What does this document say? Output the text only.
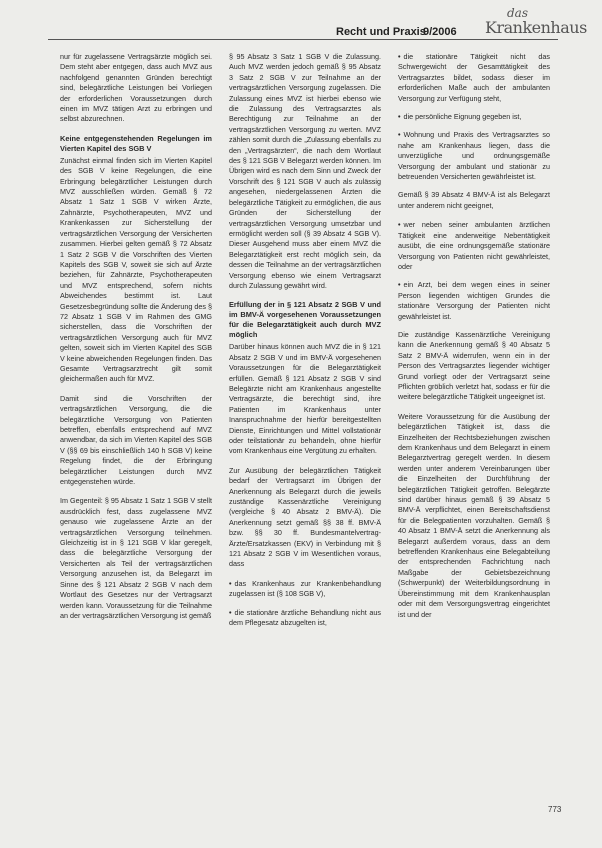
Recht und Praxis
9/2006
das
Krankenhaus

nur für zugelassene Vertragsärzte möglich sei. Dem steht aber entgegen, dass auch MVZ aus nachfolgend genannten Gründen berechtigt sind, belegärztliche Leistungen bei Vorliegen der erforderlichen Voraussetzungen durch einen im MVZ tätigen Arzt zu erbringen und selbst abzurechnen.

Keine entgegenstehenden Regelungen im Vierten Kapitel des SGB V

Zunächst einmal finden sich im Vierten Kapitel des SGB V keine Regelungen, die eine Erbringung belegärztlicher Leistungen durch MVZ ausschließen würden. Gemäß § 72 Absatz 1 Satz 1 SGB V wirken Ärzte, Zahnärzte, Psychotherapeuten, MVZ und Krankenkassen zur Sicherstellung der vertragsärztlichen Versorgung der Versicherten zusammen. Hierbei gelten gemäß § 72 Absatz 1 Satz 2 SGB V die Vorschriften des Vierten Kapitels des SGB V, soweit sie sich auf Ärzte beziehen, für Zahnärzte, Psychotherapeuten und MVZ entsprechend, sofern nichts Abweichendes bestimmt ist. Laut Gesetzesbegründung sollte die Änderung des § 72 Absatz 1 SGB V im Rahmen des GMG sicherstellen, dass die Vorschriften der vertragsärztlichen Versorgung auch für MVZ gelten, soweit sich im Vierten Kapitel des SGB V keine abweichenden Regelungen finden. Das Gesamte Vertragsarztrecht gilt somit gleichermaßen auch für MVZ.

Damit sind die Vorschriften der vertragsärztlichen Versorgung, die die belegärztliche Versorgung von Patienten betreffen, ebenfalls entsprechend auf MVZ anwendbar, da sich im Vierten Kapitel des SGB V (§§ 69 bis einschließlich 140 h SGB V) keine Regelung findet, die der Erbringung belegärztlicher Leistungen durch MVZ entgegenstehen würde.

Im Gegenteil: § 95 Absatz 1 Satz 1 SGB V stellt ausdrücklich fest, dass zugelassene MVZ genauso wie zugelassene Ärzte an der vertragsärztlichen Versorgung teilnehmen. Gleichzeitig ist in § 121 SGB V klar geregelt, dass die belegärztliche Versorgung der Versicherten als Teil der vertragsärztlichen Versorgung anzusehen ist, da Belegarzt im Sinne des § 121 Absatz 2 SGB V nach dem Wortlaut des Gesetzes nur der Vertragsarzt werden kann. Voraussetzung für die Teilnahme an der vertragsärztlichen Versorgung ist gemäß

§ 95 Absatz 3 Satz 1 SGB V die Zulassung. Auch MVZ werden jedoch gemäß § 95 Absatz 3 Satz 2 SGB V zur Teilnahme an der vertragsärztlichen Versorgung zugelassen. Die Zulassung eines MVZ ist hierbei ebenso wie die Zulassung des Vertragsarztes als Berechtigung zur Teilnahme an der vertragsärztlichen Versorgung zu werten. MVZ zählen somit durch die „Zulassung ebenfalls zu den „Vertragsärzten“, die nach dem Wortlaut des § 121 SGB V Belegarzt werden können. Im Übrigen wird es nach dem Sinn und Zweck der Vorschrift des § 121 SGB V auch als zulässig angesehen, niedergelassenen Ärzten die belegärztliche Tätigkeit zu ermöglichen, die aus Gründen der Sicherstellung der vertragsärztlichen Versorgung umsetzbar und ermöglicht werden soll (§ 39 Absatz 4 SGB V). Dieser Ausgehend muss aber einem MVZ die Belegarztätigkeit erst recht möglich sein, da dessen die Teilnahme an der vertragsärztlichen Versorgung ebenso wie einem Vertragsarzt durch Zulassung gewährt wird.

Erfüllung der in § 121 Absatz 2 SGB V und im BMV-Ä vorgesehenen Voraussetzungen für die Belegarztätigkeit auch durch MVZ möglich

Darüber hinaus können auch MVZ die in § 121 Absatz 2 SGB V und im BMV-Ä vorgesehenen Voraussetzungen für die Belegarztätigkeit erfüllen. Gemäß § 121 Absatz 2 SGB V sind Belegärzte nicht am Krankenhaus angestellte Vertragsärzte, die berechtigt sind, ihre Patienten im Krankenhaus unter Inanspruchnahme der hierfür bereitgestellten Dienste, Einrichtungen und Mittel vollstationär oder teilstationär zu behandeln, ohne hierfür vom Krankenhaus eine Vergütung zu erhalten.

Zur Ausübung der belegärztlichen Tätigkeit bedarf der Vertragsarzt im Übrigen der Anerkennung als Belegarzt durch die jeweils zuständige Kassenärztliche Vereinigung (vergleiche § 40 Absatz 2 BMV-Ä). Die Anerkennung setzt gemäß §§ 38 ff. BMV-Ä bzw. §§ 30 ff. Bundesmantelvertrag-Ärzte/Ersatzkassen (EKV) in Verbindung mit § 121 Absatz 2 SGB V im Wesentlichen voraus, dass

• das Krankenhaus zur Krankenbehandlung zugelassen ist (§ 108 SGB V),
• die stationäre ärztliche Behandlung nicht aus dem Pflegesatz abzugelten ist,
• die stationäre Tätigkeit nicht das Schwergewicht der Gesamttätigkeit des Vertragsarztes bildet, sodass dieser im erforderlichen Maße auch der ambulanten Versorgung zur Verfügung steht,
• die persönliche Eignung gegeben ist,
• Wohnung und Praxis des Vertragsarztes so nahe am Krankenhaus liegen, dass die unverzügliche und ordnungsgemäße Versorgung der ambulant und stationär zu betreuenden Versicherten gewährleistet ist.

Gemäß § 39 Absatz 4 BMV-Ä ist als Belegarzt unter anderem nicht geeignet,

• wer neben seiner ambulanten ärztlichen Tätigkeit eine anderweitige Nebentätigkeit ausübt, die eine ordnungsgemäße stationäre Versorgung von Patienten nicht gewährleistet, oder
• ein Arzt, bei dem wegen eines in seiner Person liegenden wichtigen Grundes die stationäre Versorgung der Patienten nicht gewährleistet ist.

Die zuständige Kassenärztliche Vereinigung kann die Anerkennung gemäß § 40 Absatz 5 Satz 2 BMV-Ä widerrufen, wenn ein in der Person des Vertragsarztes liegender wichtiger Grund vorliegt oder der Vertragsarzt seine Pflichten gröblich verletzt hat, sodass er für die weitere belegärztliche Tätigkeit ungeeignet ist.

Weitere Voraussetzung für die Ausübung der belegärztlichen Tätigkeit ist, dass die Einzelheiten der Rechtsbeziehungen zwischen dem Krankenhaus und dem Belegarzt in einem Belegarztvertrag geregelt werden. In diesem werden unter anderem Vereinbarungen über die Einzelheiten der Durchführung der belegärztlichen Tätigkeit getroffen. Belegärzte sind darüber hinaus gemäß § 39 Absatz 5 BMV-Ä verpflichtet, einen Bereitschaftsdienst für die Belegpatienten vorzuhalten. Gemäß § 40 Absatz 1 BMV-Ä setzt die Anerkennung als Belegarzt außerdem voraus, dass an dem betreffenden Krankenhaus eine Belegabteilung der entsprechenden Fachrichtung nach Maßgabe der Gebietsbezeichnung (Schwerpunkt) der Weiterbildungsordnung in Übereinstimmung mit dem Krankenhausplan oder mit dem Versorgungsvertrag eingerichtet ist und der

773
